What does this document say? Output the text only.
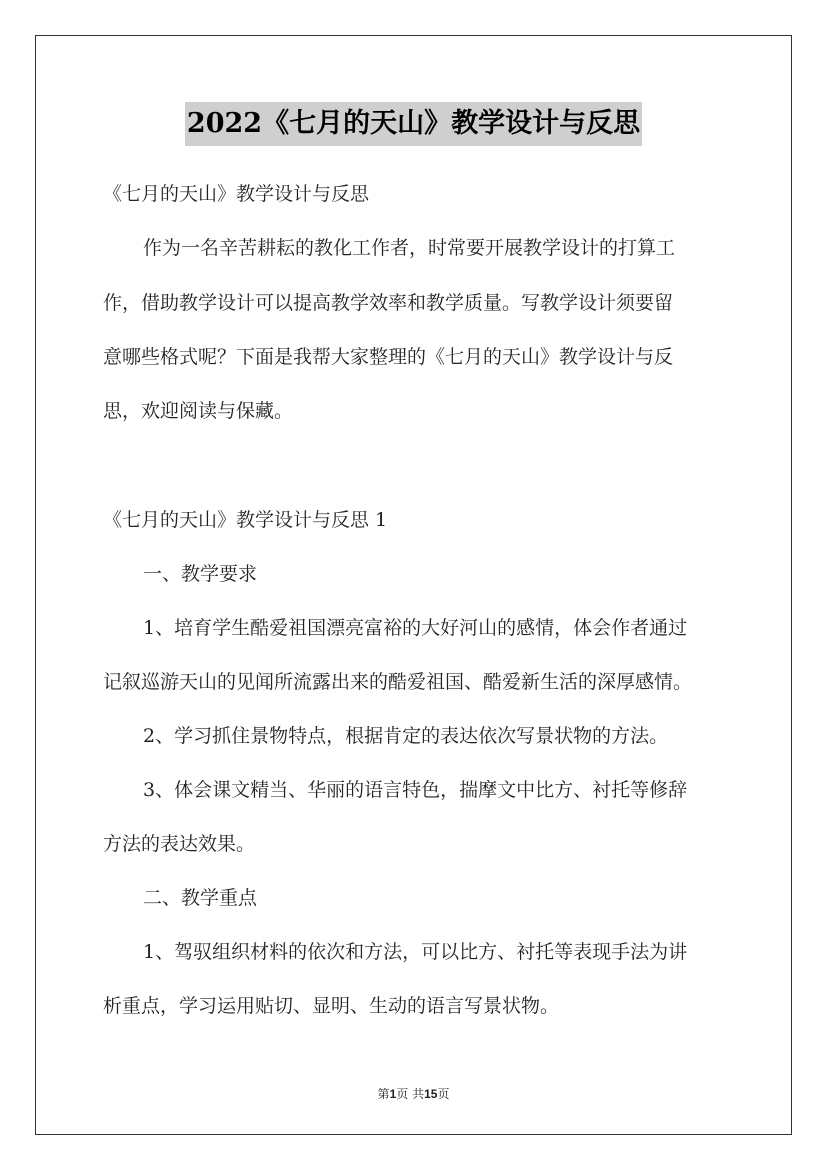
2022《七月的天山》教学设计与反思
《七月的天山》教学设计与反思
作为一名辛苦耕耘的教化工作者，时常要开展教学设计的打算工
作，借助教学设计可以提高教学效率和教学质量。写教学设计须要留
意哪些格式呢？下面是我帮大家整理的《七月的天山》教学设计与反
思，欢迎阅读与保藏。
《七月的天山》教学设计与反思 1
一、教学要求
1、培育学生酷爱祖国漂亮富裕的大好河山的感情，体会作者通过
记叙巡游天山的见闻所流露出来的酷爱祖国、酷爱新生活的深厚感情。
2、学习抓住景物特点，根据肯定的表达依次写景状物的方法。
3、体会课文精当、华丽的语言特色，揣摩文中比方、衬托等修辞
方法的表达效果。
二、教学重点
1、驾驭组织材料的依次和方法，可以比方、衬托等表现手法为讲
析重点，学习运用贴切、显明、生动的语言写景状物。
第1页 共15页
